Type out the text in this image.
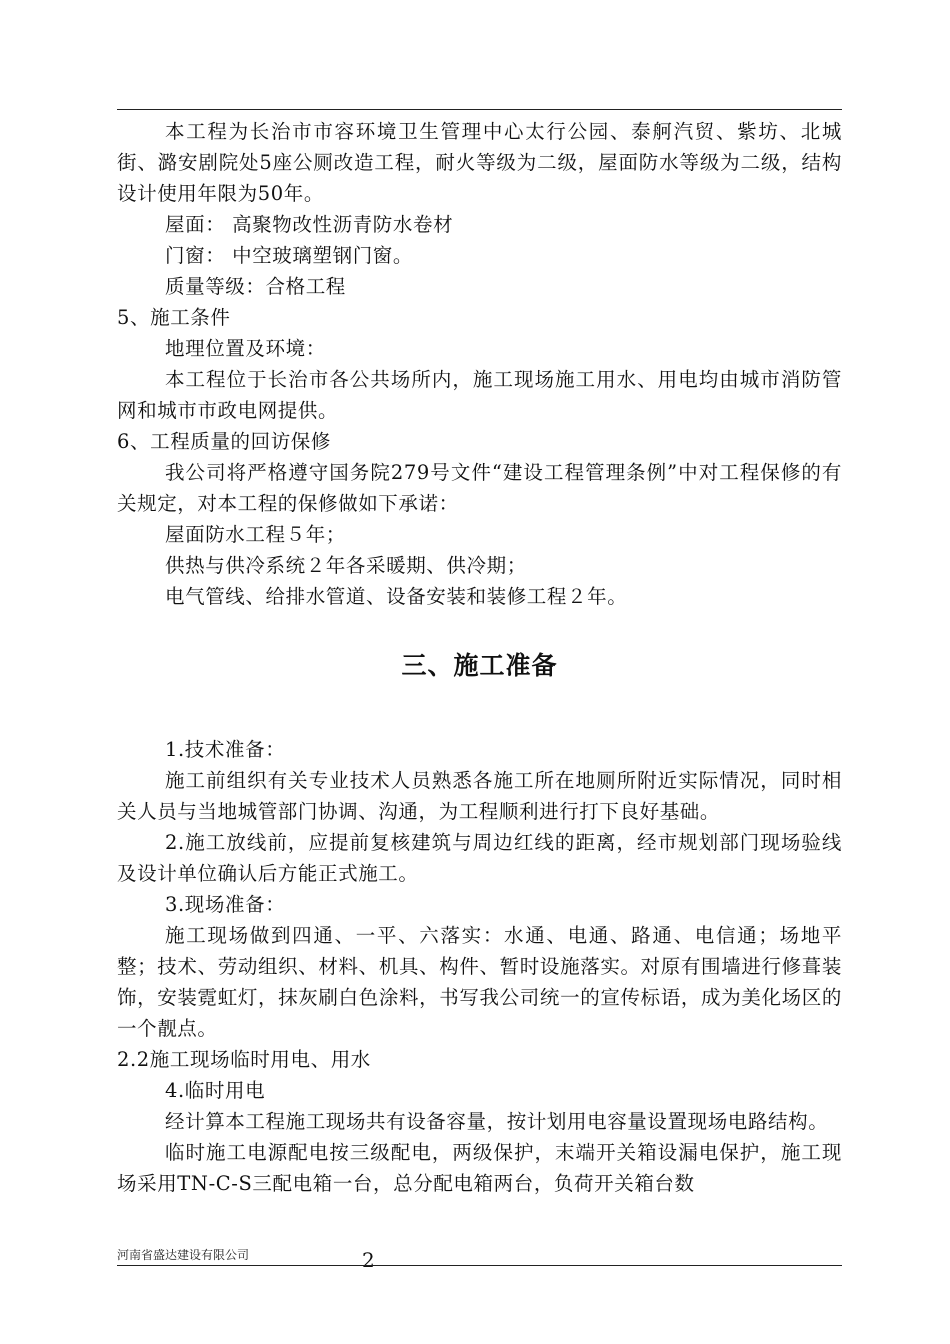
本工程为长治市市容环境卫生管理中心太行公园、泰舸汽贸、紫坊、北城街、潞安剧院处5座公厕改造工程，耐火等级为二级，屋面防水等级为二级，结构设计使用年限为50年。

屋面： 高聚物改性沥青防水卷材

门窗： 中空玻璃塑钢门窗。

质量等级：合格工程

5、施工条件

地理位置及环境：

本工程位于长治市各公共场所内，施工现场施工用水、用电均由城市消防管网和城市市政电网提供。

6、工程质量的回访保修

我公司将严格遵守国务院279号文件“建设工程管理条例”中对工程保修的有关规定，对本工程的保修做如下承诺：

屋面防水工程５年；

供热与供冷系统２年各采暖期、供冷期；

电气管线、给排水管道、设备安装和装修工程２年。

三、施工准备

1.技术准备：

施工前组织有关专业技术人员熟悉各施工所在地厕所附近实际情况，同时相关人员与当地城管部门协调、沟通，为工程顺利进行打下良好基础。

2.施工放线前，应提前复核建筑与周边红线的距离，经市规划部门现场验线及设计单位确认后方能正式施工。

3.现场准备：

施工现场做到四通、一平、六落实：水通、电通、路通、电信通；场地平整；技术、劳动组织、材料、机具、构件、暂时设施落实。对原有围墙进行修葺装饰，安装霓虹灯，抹灰刷白色涂料，书写我公司统一的宣传标语，成为美化场区的一个靓点。

2.2施工现场临时用电、用水

4.临时用电

经计算本工程施工现场共有设备容量，按计划用电容量设置现场电路结构。

临时施工电源配电按三级配电，两级保护，末端开关箱设漏电保护，施工现场采用TN-C-S三配电箱一台，总分配电箱两台，负荷开关箱台数

河南省盛达建设有限公司	2
